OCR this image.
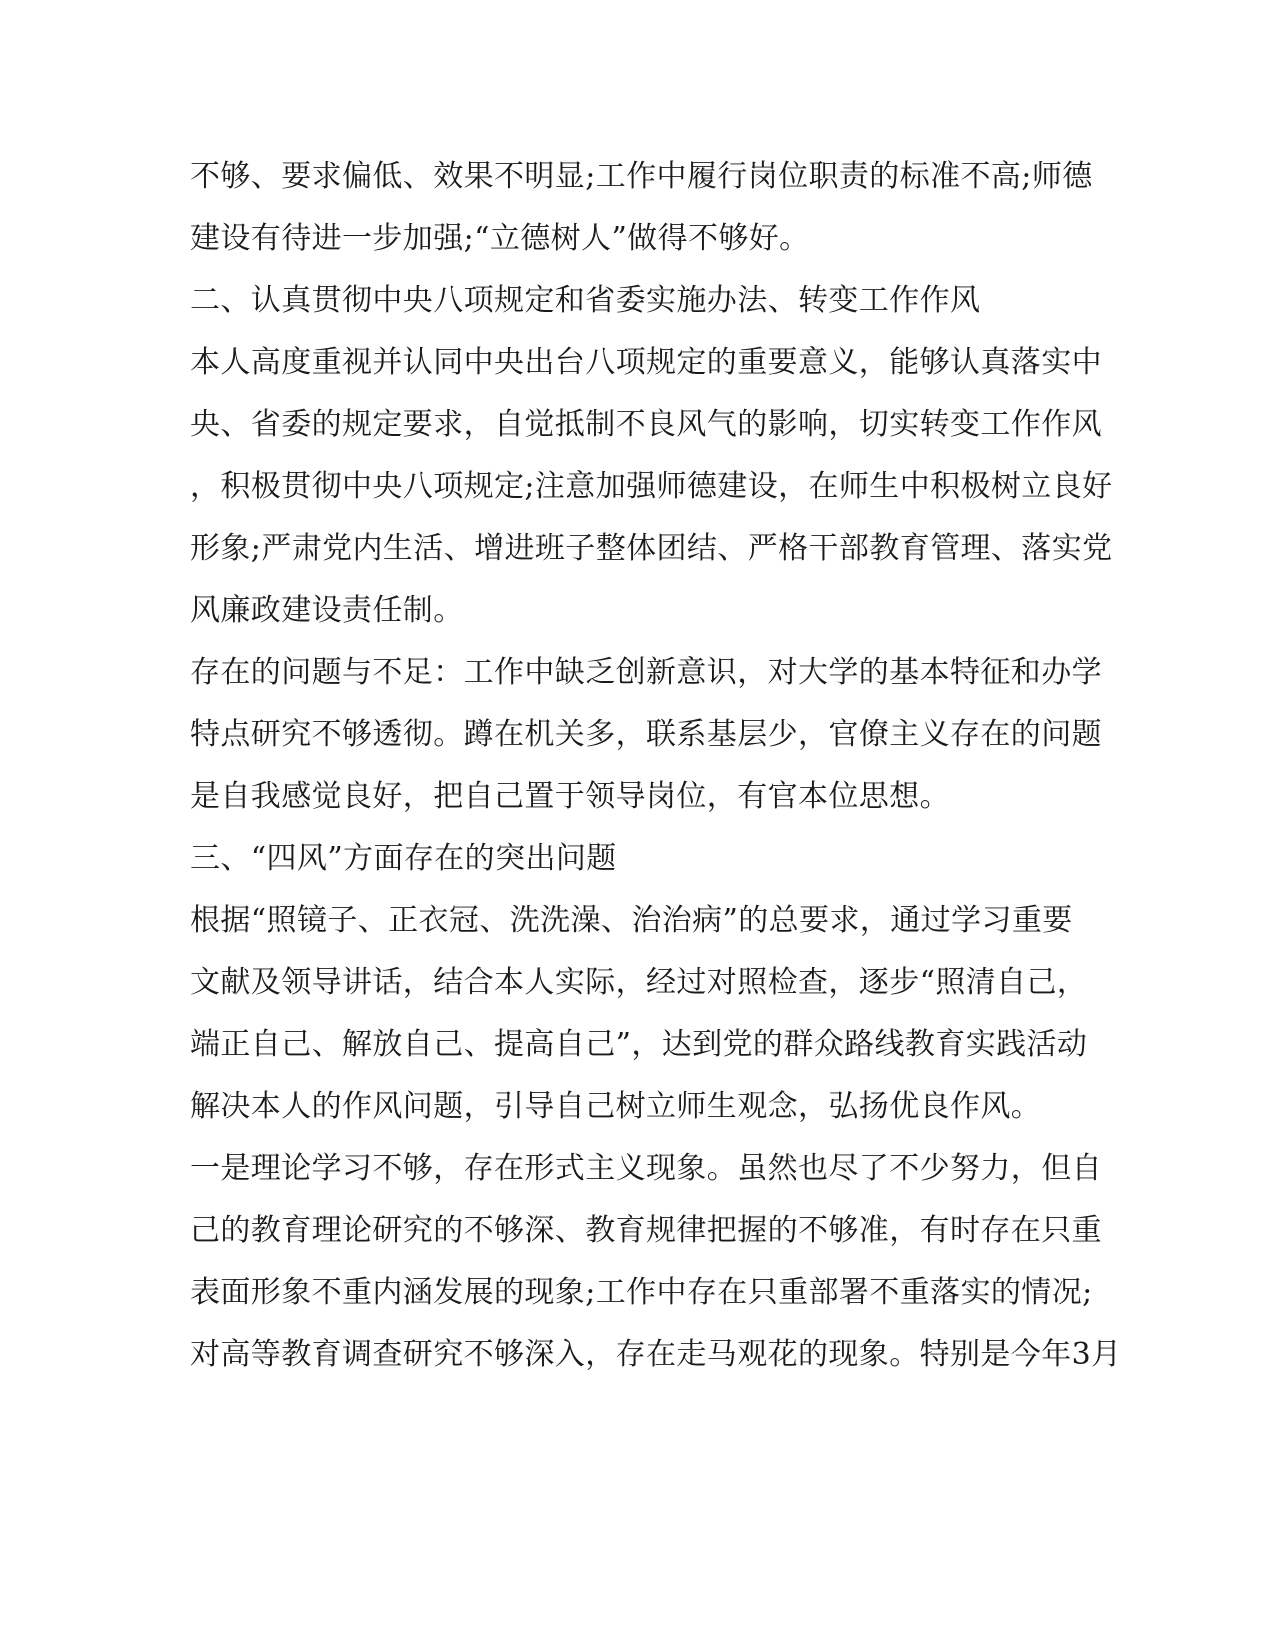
不够、要求偏低、效果不明显;工作中履行岗位职责的标准不高;师德
建设有待进一步加强;“立德树人”做得不够好。
二、认真贯彻中央八项规定和省委实施办法、转变工作作风
本人高度重视并认同中央出台八项规定的重要意义，能够认真落实中
央、省委的规定要求，自觉抵制不良风气的影响，切实转变工作作风
，积极贯彻中央八项规定;注意加强师德建设，在师生中积极树立良好
形象;严肃党内生活、增进班子整体团结、严格干部教育管理、落实党
风廉政建设责任制。
存在的问题与不足：工作中缺乏创新意识，对大学的基本特征和办学
特点研究不够透彻。蹲在机关多，联系基层少，官僚主义存在的问题
是自我感觉良好，把自己置于领导岗位，有官本位思想。
三、“四风”方面存在的突出问题
根据“照镜子、正衣冠、洗洗澡、治治病”的总要求，通过学习重要
文献及领导讲话，结合本人实际，经过对照检查，逐步“照清自己，
端正自己、解放自己、提高自己”，达到党的群众路线教育实践活动
解决本人的作风问题，引导自己树立师生观念，弘扬优良作风。
一是理论学习不够，存在形式主义现象。虽然也尽了不少努力，但自
己的教育理论研究的不够深、教育规律把握的不够准，有时存在只重
表面形象不重内涵发展的现象;工作中存在只重部署不重落实的情况;
对高等教育调查研究不够深入，存在走马观花的现象。特别是今年3月
